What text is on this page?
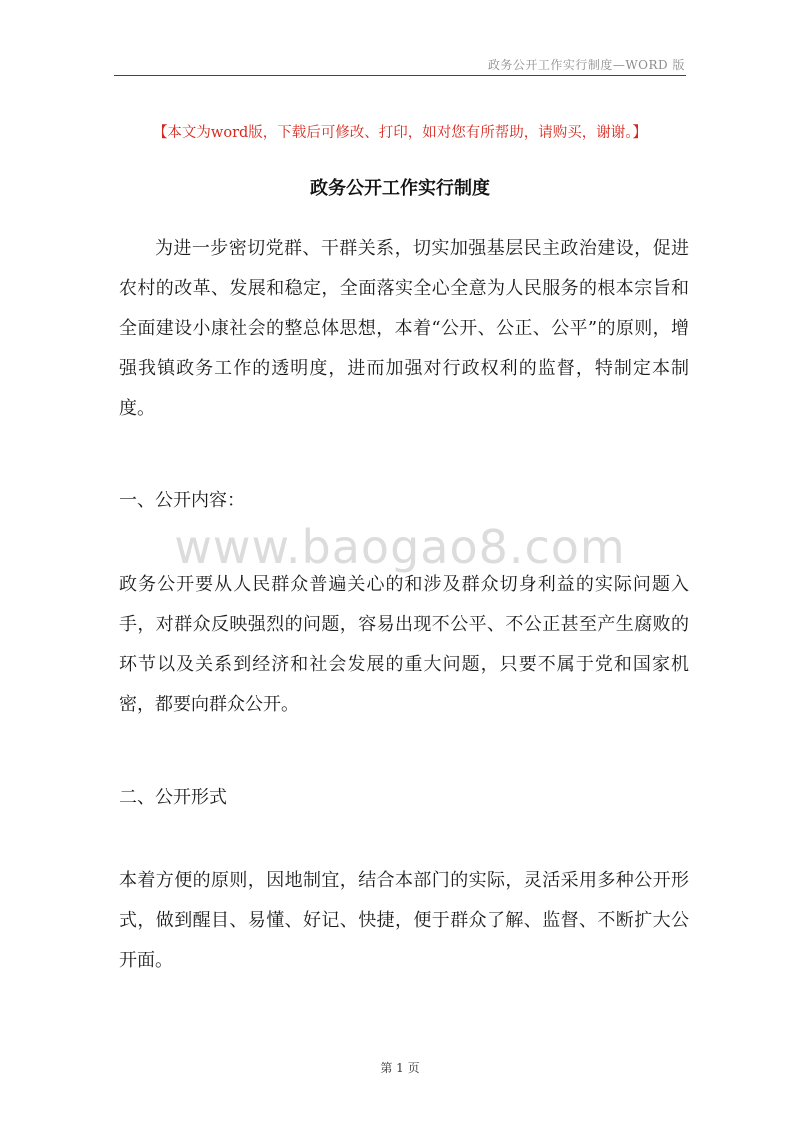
政务公开工作实行制度—WORD 版
【本文为word版，下载后可修改、打印，如对您有所帮助，请购买，谢谢。】
政务公开工作实行制度

为进一步密切党群、干群关系，切实加强基层民主政治建设，促进农村的改革、发展和稳定，全面落实全心全意为人民服务的根本宗旨和全面建设小康社会的整总体思想，本着“公开、公正、公平”的原则，增强我镇政务工作的透明度，进而加强对行政权利的监督，特制定本制度。

一、公开内容：
www.baogao8.com

政务公开要从人民群众普遍关心的和涉及群众切身利益的实际问题入手，对群众反映强烈的问题，容易出现不公平、不公正甚至产生腐败的环节以及关系到经济和社会发展的重大问题，只要不属于党和国家机密，都要向群众公开。

二、公开形式

本着方便的原则，因地制宜，结合本部门的实际，灵活采用多种公开形式，做到醒目、易懂、好记、快捷，便于群众了解、监督、不断扩大公开面。

第 1 页
